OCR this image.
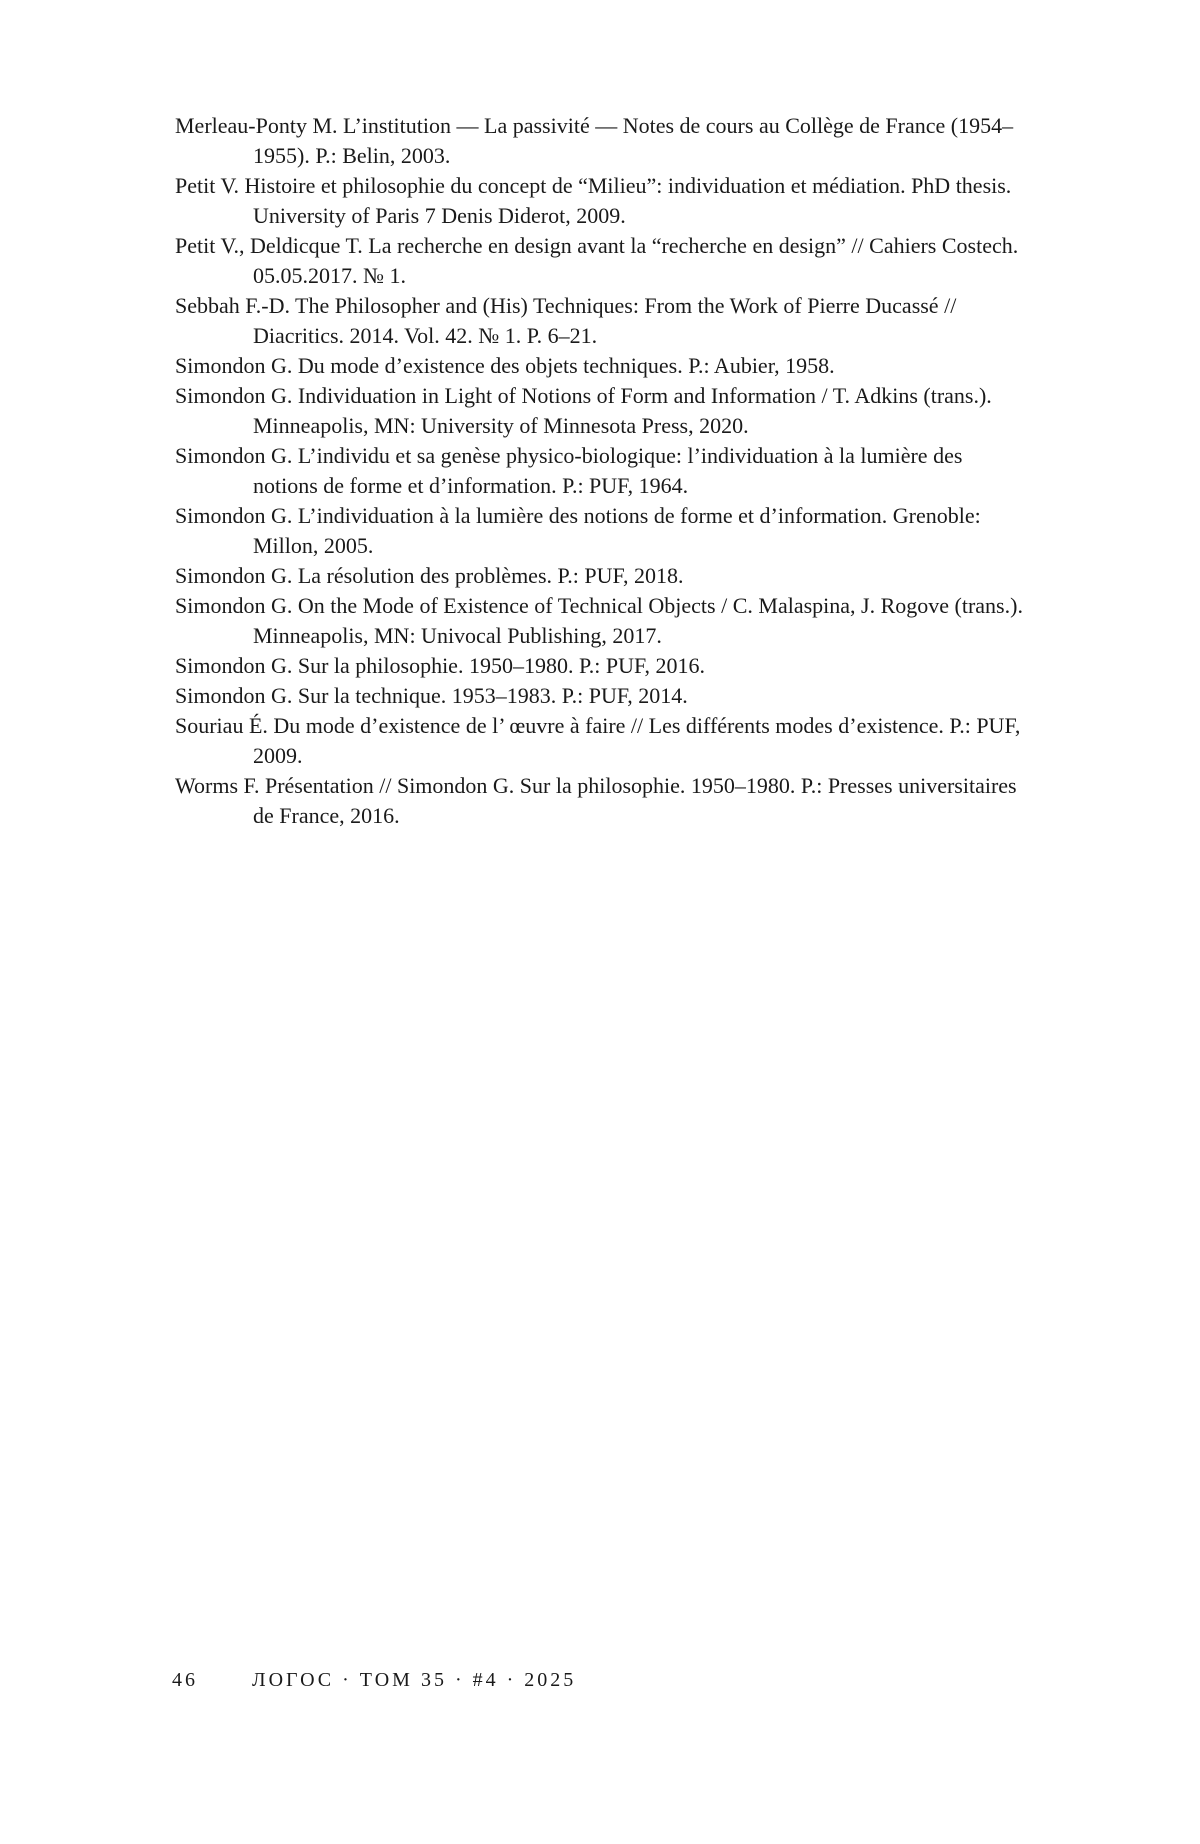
Merleau-Ponty M. L’institution — La passivité — Notes de cours au Collège de France (1954–1955). P.: Belin, 2003.

Petit V. Histoire et philosophie du concept de “Milieu”: individuation et médiation. PhD thesis. University of Paris 7 Denis Diderot, 2009.

Petit V., Deldicque T. La recherche en design avant la “recherche en design” // Cahiers Costech. 05.05.2017. № 1.

Sebbah F.-D. The Philosopher and (His) Techniques: From the Work of Pierre Ducassé // Diacritics. 2014. Vol. 42. № 1. P. 6–21.

Simondon G. Du mode d’existence des objets techniques. P.: Aubier, 1958.

Simondon G. Individuation in Light of Notions of Form and Information / T. Adkins (trans.). Minneapolis, MN: University of Minnesota Press, 2020.

Simondon G. L’individu et sa genèse physico-biologique: l’individuation à la lumière des notions de forme et d’information. P.: PUF, 1964.

Simondon G. L’individuation à la lumière des notions de forme et d’information. Grenoble: Millon, 2005.

Simondon G. La résolution des problèmes. P.: PUF, 2018.

Simondon G. On the Mode of Existence of Technical Objects / C. Malaspina, J. Rogove (trans.). Minneapolis, MN: Univocal Publishing, 2017.

Simondon G. Sur la philosophie. 1950–1980. P.: PUF, 2016.

Simondon G. Sur la technique. 1953–1983. P.: PUF, 2014.

Souriau É. Du mode d’existence de l’ œuvre à faire // Les différents modes d’existence. P.: PUF, 2009.

Worms F. Présentation // Simondon G. Sur la philosophie. 1950–1980. P.: Presses universitaires de France, 2016.

46	ЛОГОС · ТОМ 35 · #4 · 2025
